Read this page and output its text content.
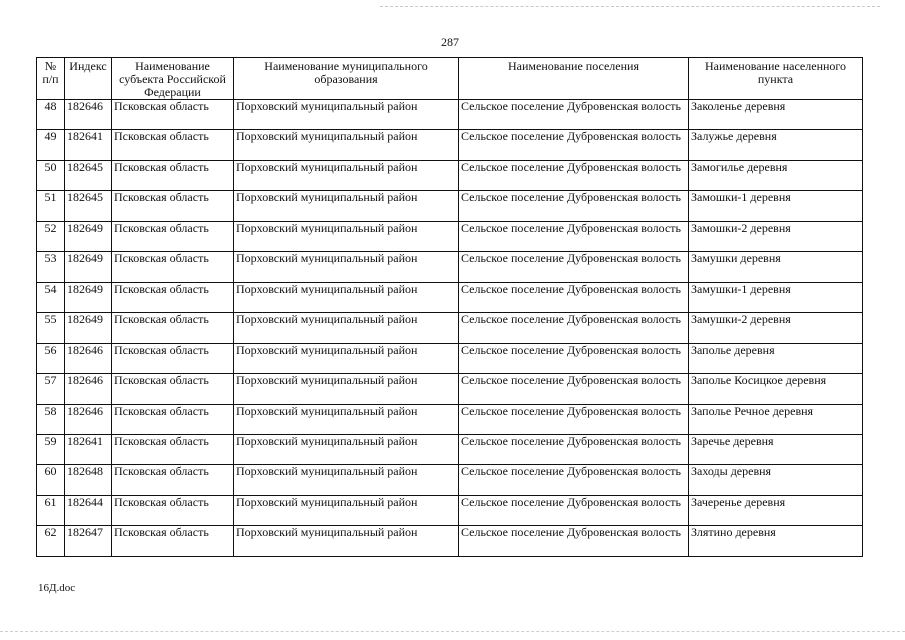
287
№ п/п	Индекс	Наименование субъекта Российской Федерации	Наименование муниципального образования	Наименование поселения	Наименование населенного пункта
48	182646	Псковская область	Порховский муниципальный район	Сельское поселение Дубровенская волость	Заколенье деревня
49	182641	Псковская область	Порховский муниципальный район	Сельское поселение Дубровенская волость	Залужье деревня
50	182645	Псковская область	Порховский муниципальный район	Сельское поселение Дубровенская волость	Замогилье деревня
51	182645	Псковская область	Порховский муниципальный район	Сельское поселение Дубровенская волость	Замошки-1 деревня
52	182649	Псковская область	Порховский муниципальный район	Сельское поселение Дубровенская волость	Замошки-2 деревня
53	182649	Псковская область	Порховский муниципальный район	Сельское поселение Дубровенская волость	Замушки деревня
54	182649	Псковская область	Порховский муниципальный район	Сельское поселение Дубровенская волость	Замушки-1 деревня
55	182649	Псковская область	Порховский муниципальный район	Сельское поселение Дубровенская волость	Замушки-2 деревня
56	182646	Псковская область	Порховский муниципальный район	Сельское поселение Дубровенская волость	Заполье деревня
57	182646	Псковская область	Порховский муниципальный район	Сельское поселение Дубровенская волость	Заполье Косицкое деревня
58	182646	Псковская область	Порховский муниципальный район	Сельское поселение Дубровенская волость	Заполье Речное деревня
59	182641	Псковская область	Порховский муниципальный район	Сельское поселение Дубровенская волость	Заречье деревня
60	182648	Псковская область	Порховский муниципальный район	Сельское поселение Дубровенская волость	Заходы деревня
61	182644	Псковская область	Порховский муниципальный район	Сельское поселение Дубровенская волость	Зачеренье деревня
62	182647	Псковская область	Порховский муниципальный район	Сельское поселение Дубровенская волость	Злятино деревня
16Д.doc
